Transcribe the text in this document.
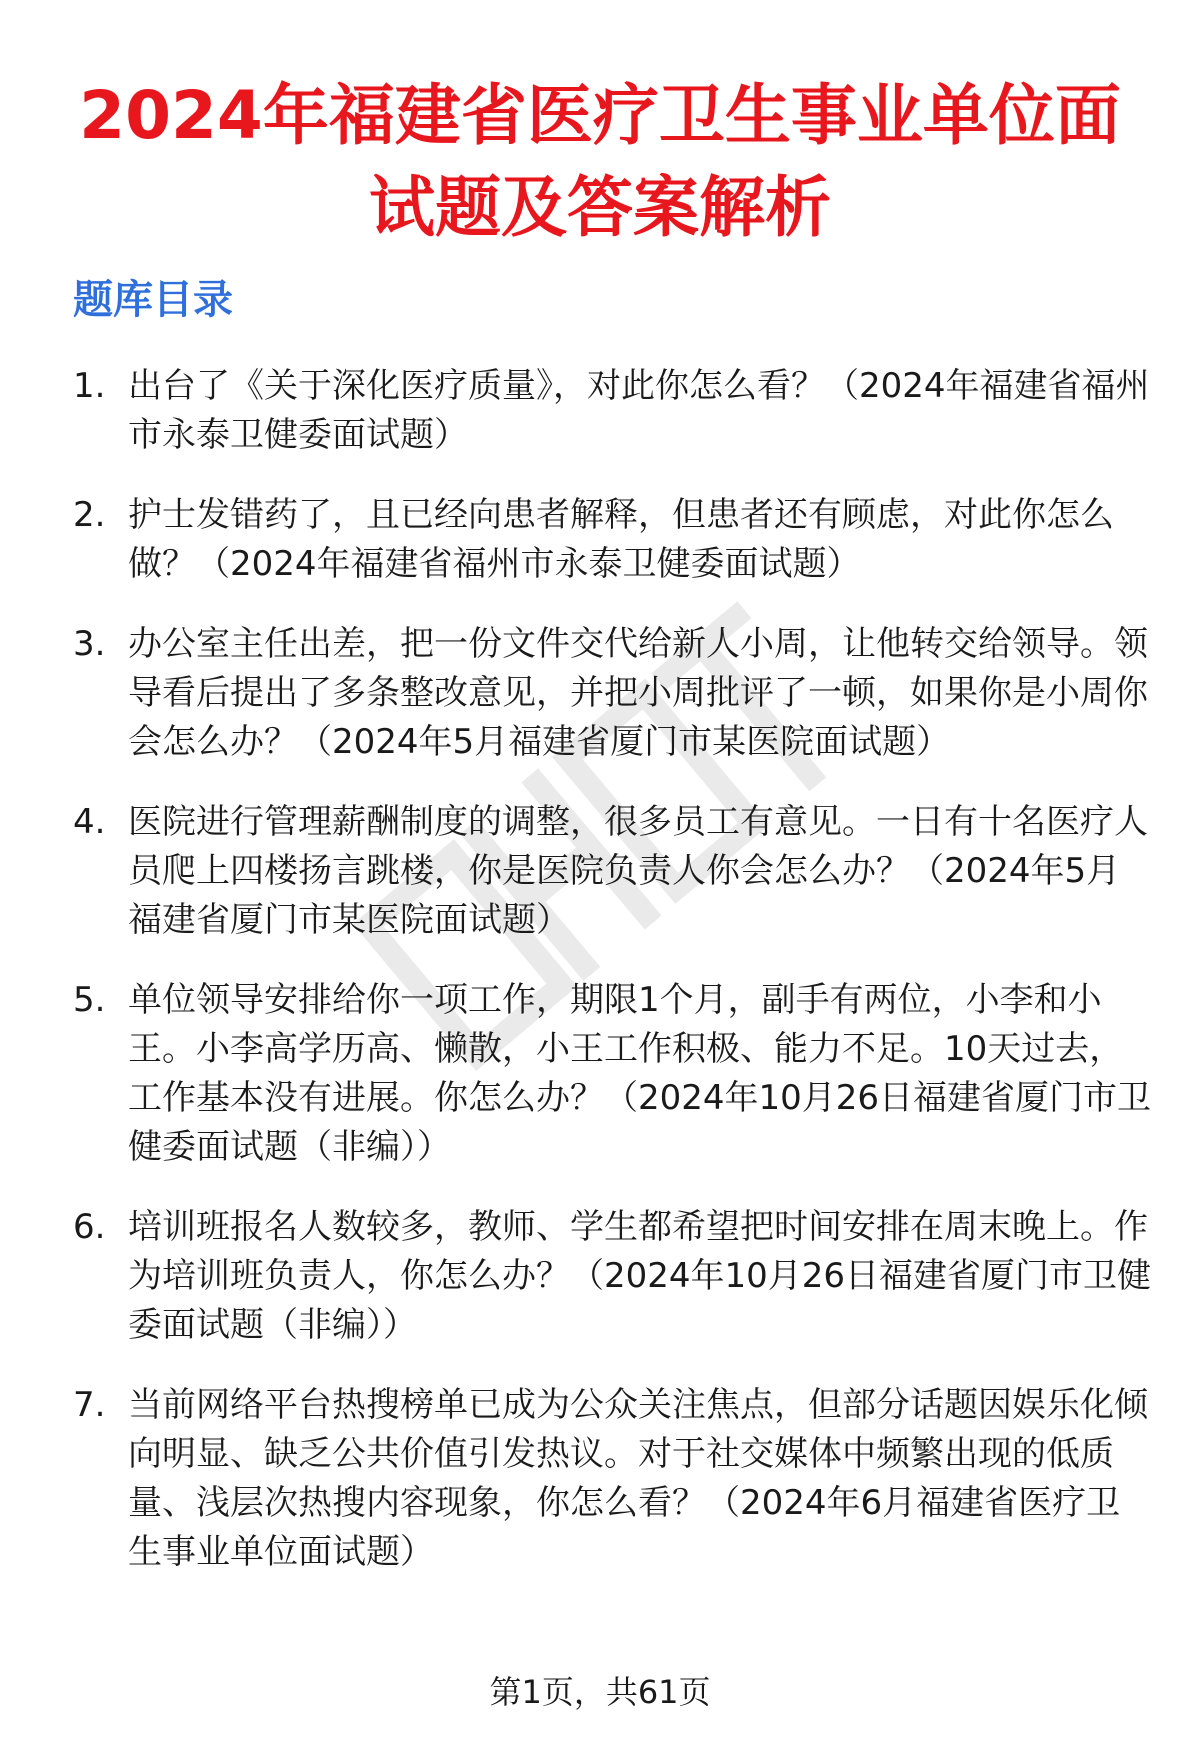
2024年福建省医疗卫生事业单位面
试题及答案解析
题库目录
1. 出台了《关于深化医疗质量》，对此你怎么看？（2024年福建省福州市永泰卫健委面试题）
2. 护士发错药了，且已经向患者解释，但患者还有顾虑，对此你怎么做？（2024年福建省福州市永泰卫健委面试题）
3. 办公室主任出差，把一份文件交代给新人小周，让他转交给领导。领导看后提出了多条整改意见，并把小周批评了一顿，如果你是小周你会怎么办？（2024年5月福建省厦门市某医院面试题）
4. 医院进行管理薪酬制度的调整，很多员工有意见。一日有十名医疗人员爬上四楼扬言跳楼，你是医院负责人你会怎么办？（2024年5月福建省厦门市某医院面试题）
5. 单位领导安排给你一项工作，期限1个月，副手有两位，小李和小王。小李高学历高、懒散，小王工作积极、能力不足。10天过去，工作基本没有进展。你怎么办？（2024年10月26日福建省厦门市卫健委面试题（非编））
6. 培训班报名人数较多，教师、学生都希望把时间安排在周末晚上。作为培训班负责人，你怎么办？（2024年10月26日福建省厦门市卫健委面试题（非编））
7. 当前网络平台热搜榜单已成为公众关注焦点，但部分话题因娱乐化倾向明显、缺乏公共价值引发热议。对于社交媒体中频繁出现的低质量、浅层次热搜内容现象，你怎么看？（2024年6月福建省医疗卫生事业单位面试题）
第1页，共61页
